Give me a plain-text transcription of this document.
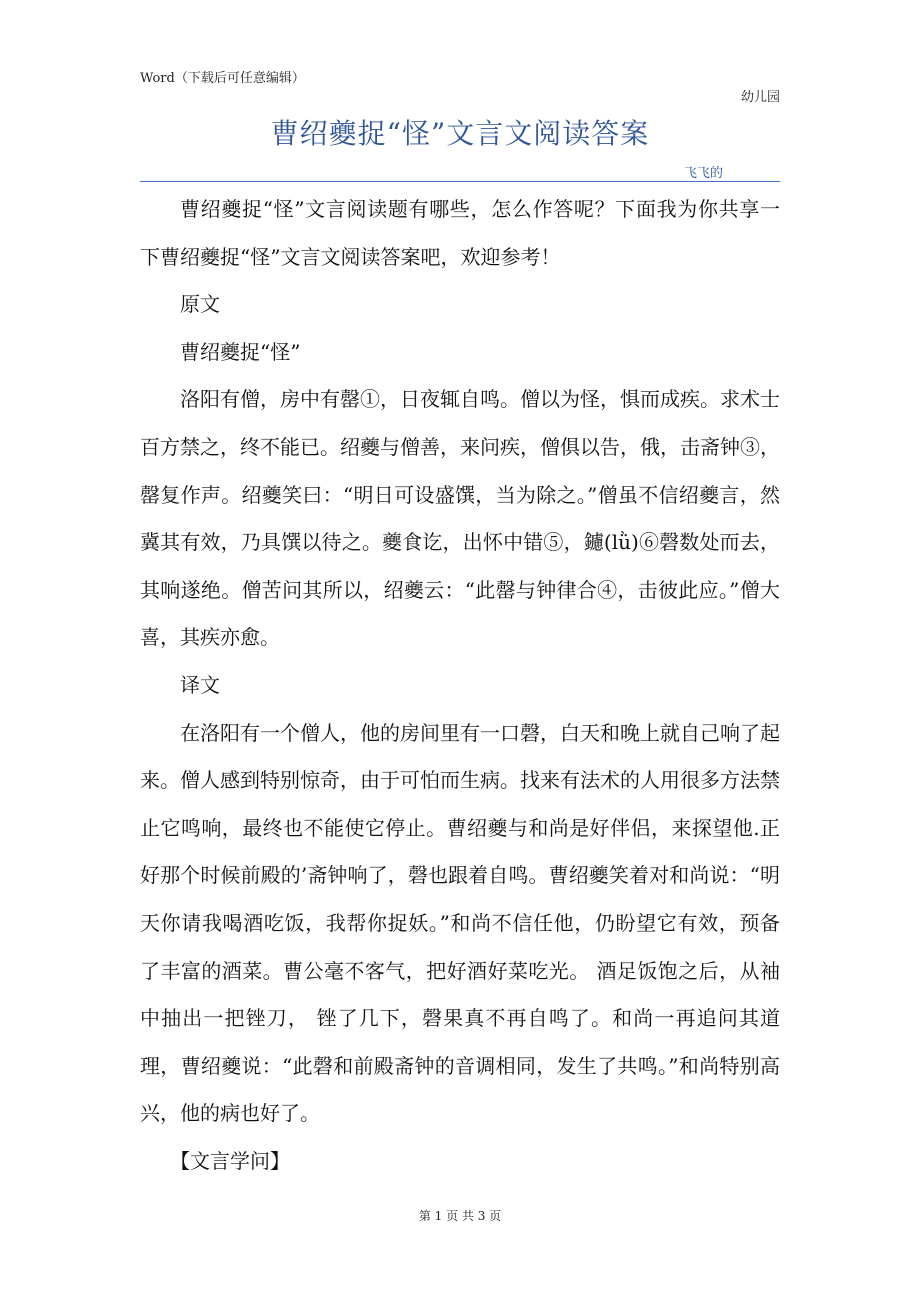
Word（下载后可任意编辑）
幼儿园
曹绍夔捉“怪”文言文阅读答案
飞飞的

曹绍夔捉“怪”文言阅读题有哪些，怎么作答呢？下面我为你共享一下曹绍夔捉“怪”文言文阅读答案吧，欢迎参考！

原文

曹绍夔捉“怪”

洛阳有僧，房中有罄①，日夜辄自鸣。僧以为怪，惧而成疾。求术士百方禁之，终不能已。绍夔与僧善，来问疾，僧俱以告，俄，击斋钟③，罄复作声。绍夔笑曰：“明日可设盛馔，当为除之。”僧虽不信绍夔言，然冀其有效，乃具馔以待之。夔食讫，出怀中错⑤，鑢(lǜ)⑥磬数处而去，其响遂绝。僧苦问其所以，绍夔云：“此罄与钟律合④，击彼此应。”僧大喜，其疾亦愈。

译文

在洛阳有一个僧人，他的房间里有一口磬，白天和晚上就自己响了起来。僧人感到特别惊奇，由于可怕而生病。找来有法术的人用很多方法禁止它鸣响，最终也不能使它停止。曹绍夔与和尚是好伴侣，来探望他.正好那个时候前殿的’斋钟响了，磬也跟着自鸣。曹绍夔笑着对和尚说：“明天你请我喝酒吃饭，我帮你捉妖。”和尚不信任他，仍盼望它有效，预备了丰富的酒菜。曹公毫不客气，把好酒好菜吃光。 酒足饭饱之后，从袖中抽出一把锉刀， 锉了几下，磬果真不再自鸣了。和尚一再追问其道理，曹绍夔说：“此磬和前殿斋钟的音调相同，发生了共鸣。”和尚特别高兴，他的病也好了。

【文言学问】

第 1 页 共 3 页
